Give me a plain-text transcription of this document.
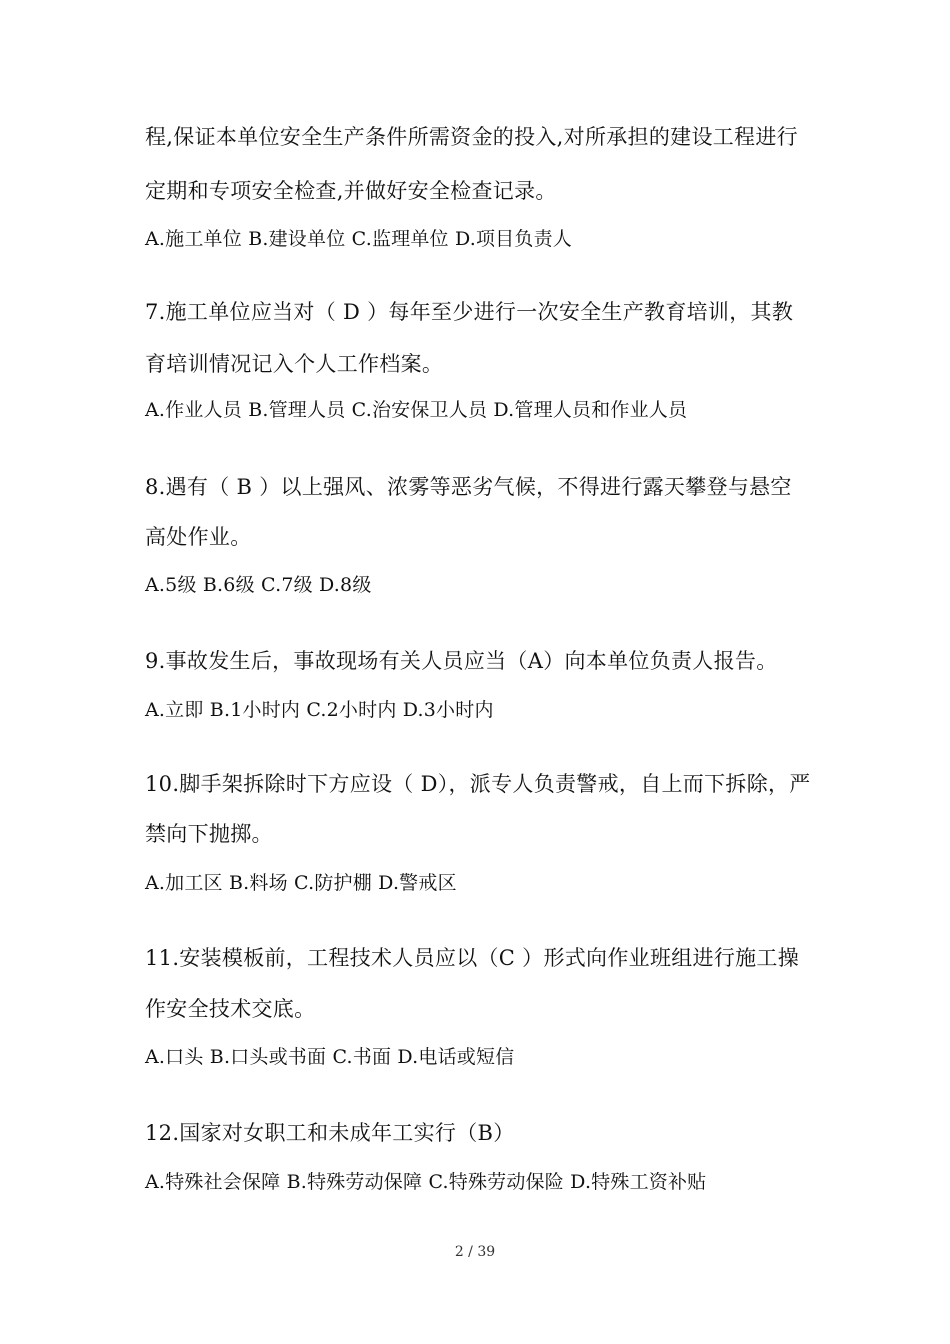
程,保证本单位安全生产条件所需资金的投入,对所承担的建设工程进行
定期和专项安全检查,并做好安全检查记录。
A.施工单位 B.建设单位 C.监理单位 D.项目负责人
7.施工单位应当对（ D ）每年至少进行一次安全生产教育培训，其教
育培训情况记入个人工作档案。
A.作业人员 B.管理人员 C.治安保卫人员 D.管理人员和作业人员
8.遇有（ B ）以上强风、浓雾等恶劣气候，不得进行露天攀登与悬空
高处作业。
A.5级 B.6级 C.7级 D.8级
9.事故发生后，事故现场有关人员应当（A）向本单位负责人报告。
A.立即 B.1小时内 C.2小时内 D.3小时内
10.脚手架拆除时下方应设（ D），派专人负责警戒，自上而下拆除，严
禁向下抛掷。
A.加工区 B.料场 C.防护棚 D.警戒区
11.安装模板前，工程技术人员应以（C ）形式向作业班组进行施工操
作安全技术交底。
A.口头 B.口头或书面 C.书面 D.电话或短信
12.国家对女职工和未成年工实行（B）
A.特殊社会保障 B.特殊劳动保障 C.特殊劳动保险 D.特殊工资补贴
2 / 39
